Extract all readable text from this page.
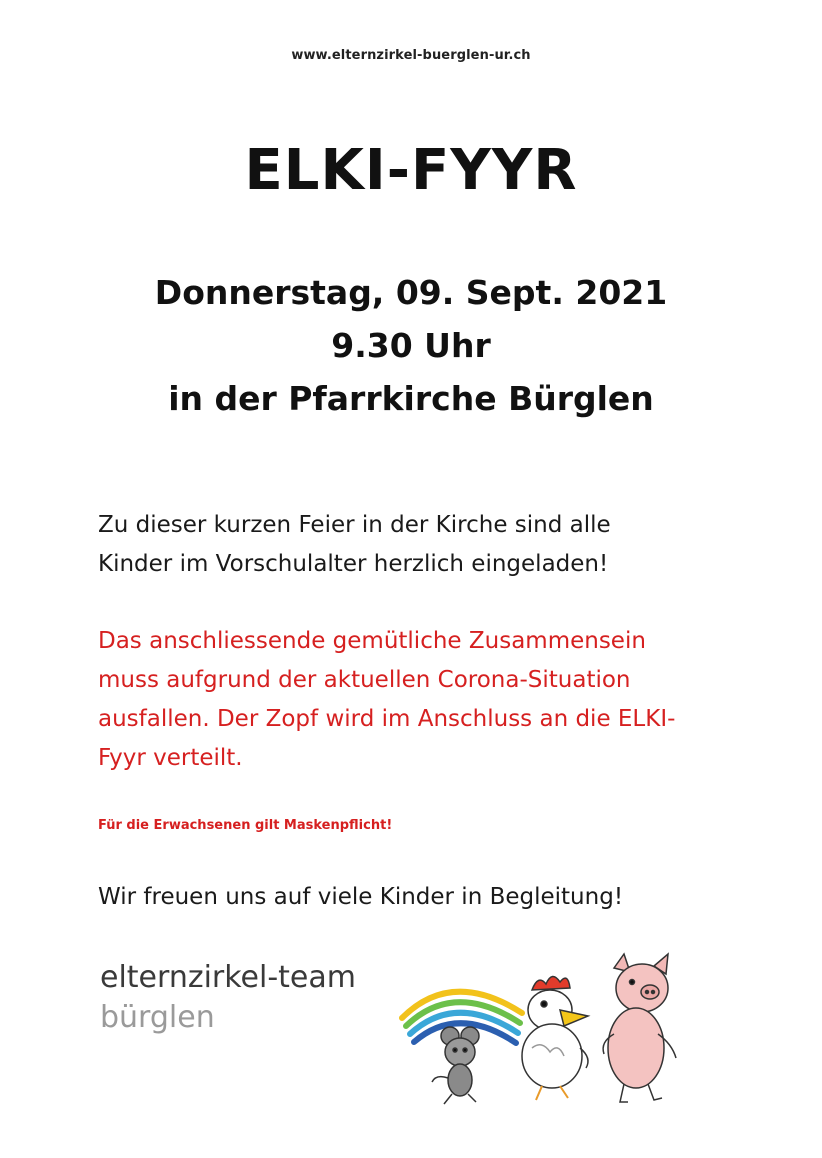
www.elternzirkel-buerglen-ur.ch
ELKI-FYYR
Donnerstag, 09. Sept. 2021
9.30 Uhr
in der Pfarrkirche Bürglen
Zu dieser kurzen Feier in der Kirche sind alle
Kinder im Vorschulalter herzlich eingeladen!
Das anschliessende gemütliche Zusammensein
muss aufgrund der aktuellen Corona-Situation
ausfallen. Der Zopf wird im Anschluss an die ELKI-
Fyyr verteilt.
Für die Erwachsenen gilt Maskenpflicht!
Wir freuen uns auf viele Kinder in Begleitung!
elternzirkel-team
bürglen
